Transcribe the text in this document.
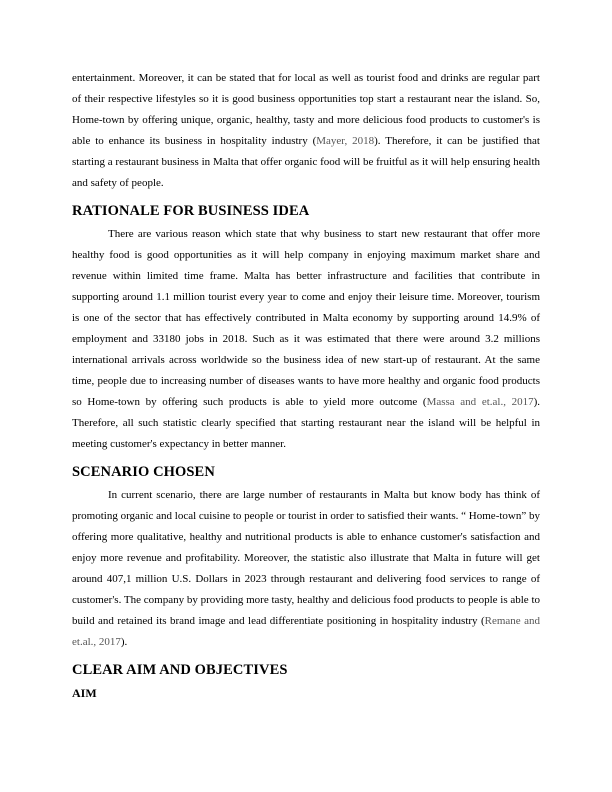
entertainment. Moreover, it can be stated that for local as well as tourist food and drinks are regular part of their respective lifestyles so it is good business opportunities top start a restaurant near the island. So, Home-town by offering unique, organic, healthy, tasty and more delicious food products to customer's is able to enhance its business in hospitality industry (Mayer, 2018). Therefore, it can be justified that starting a restaurant business in Malta that offer organic food will be fruitful as it will help ensuring health and safety of people.

RATIONALE FOR BUSINESS IDEA

There are various reason which state that why business to start new restaurant that offer more healthy food is good opportunities as it will help company in enjoying maximum market share and revenue within limited time frame. Malta has better infrastructure and facilities that contribute in supporting around 1.1 million tourist every year to come and enjoy their leisure time. Moreover, tourism is one of the sector that has effectively contributed in Malta economy by supporting around 14.9% of employment and 33180 jobs in 2018. Such as it was estimated that there were around 3.2 millions international arrivals across worldwide so the business idea of new start-up of restaurant. At the same time, people due to increasing number of diseases wants to have more healthy and organic food products so Home-town by offering such products is able to yield more outcome (Massa and et.al., 2017). Therefore, all such statistic clearly specified that starting restaurant near the island will be helpful in meeting customer's expectancy in better manner.

SCENARIO CHOSEN

In current scenario, there are large number of restaurants in Malta but know body has think of promoting organic and local cuisine to people or tourist in order to satisfied their wants. “ Home-town” by offering more qualitative, healthy and nutritional products is able to enhance customer's satisfaction and enjoy more revenue and profitability. Moreover, the statistic also illustrate that Malta in future will get around 407,1 million U.S. Dollars in 2023 through restaurant and delivering food services to range of customer's. The company by providing more tasty, healthy and delicious food products to people is able to build and retained its brand image and lead differentiate positioning in hospitality industry (Remane and et.al., 2017).

CLEAR AIM AND OBJECTIVES
AIM
